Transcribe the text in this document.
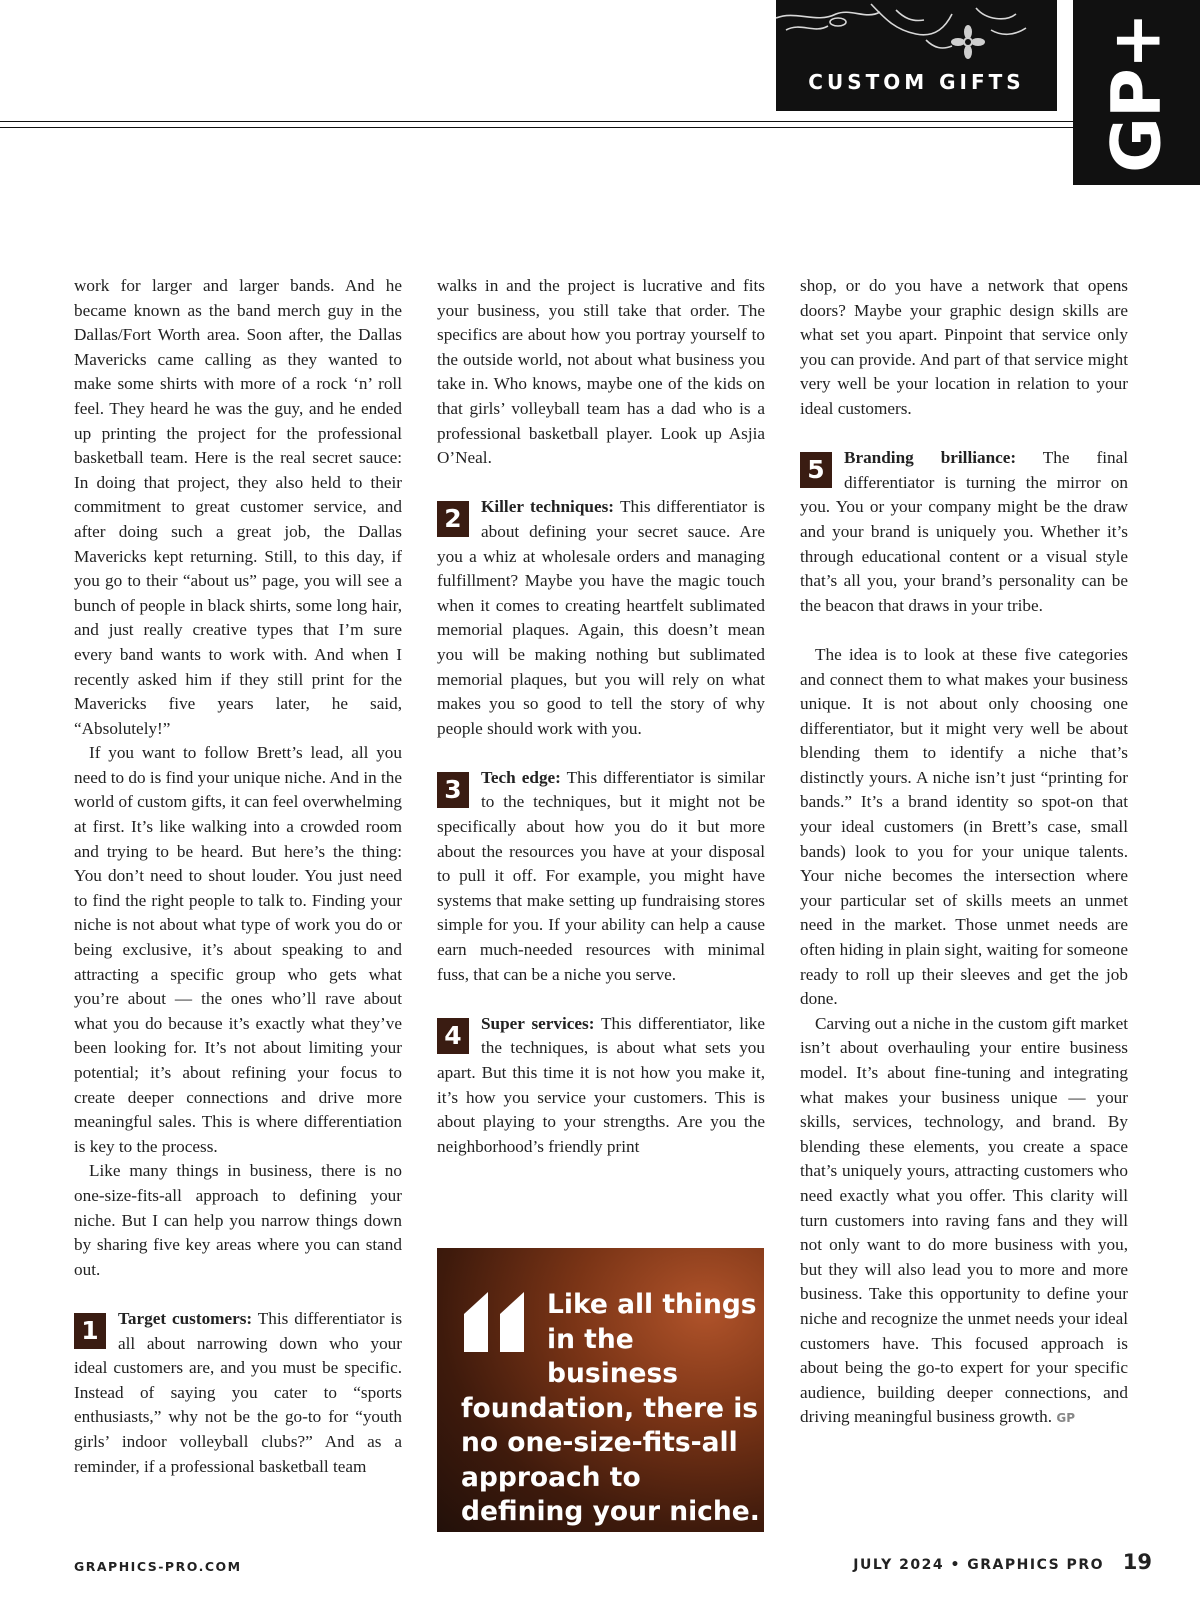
CUSTOM GIFTS	GP+

work for larger and larger bands. And he became known as the band merch guy in the Dallas/Fort Worth area. Soon after, the Dallas Mavericks came calling as they wanted to make some shirts with more of a rock ‘n’ roll feel. They heard he was the guy, and he ended up printing the project for the professional basketball team. Here is the real secret sauce: In doing that project, they also held to their commitment to great customer service, and after doing such a great job, the Dallas Mavericks kept returning. Still, to this day, if you go to their “about us” page, you will see a bunch of people in black shirts, some long hair, and just really creative types that I’m sure every band wants to work with. And when I recently asked him if they still print for the Mavericks five years later, he said, “Absolutely!”

If you want to follow Brett’s lead, all you need to do is find your unique niche. And in the world of custom gifts, it can feel overwhelming at first. It’s like walking into a crowded room and trying to be heard. But here’s the thing: You don’t need to shout louder. You just need to find the right people to talk to. Finding your niche is not about what type of work you do or being exclusive, it’s about speaking to and attracting a specific group who gets what you’re about — the ones who’ll rave about what you do because it’s exactly what they’ve been looking for. It’s not about limiting your potential; it’s about refining your focus to create deeper connections and drive more meaningful sales. This is where differentiation is key to the process.

Like many things in business, there is no one-size-fits-all approach to defining your niche. But I can help you narrow things down by sharing five key areas where you can stand out.

1	Target customers: This differentiator is all about narrowing down who your ideal customers are, and you must be specific. Instead of saying you cater to “sports enthusiasts,” why not be the go-to for “youth girls’ indoor volleyball clubs?” And as a reminder, if a professional basketball team

walks in and the project is lucrative and fits your business, you still take that order. The specifics are about how you portray yourself to the outside world, not about what business you take in. Who knows, maybe one of the kids on that girls’ volleyball team has a dad who is a professional basketball player. Look up Asjia O’Neal.

2	Killer techniques: This differentiator is about defining your secret sauce. Are you a whiz at wholesale orders and managing fulfillment? Maybe you have the magic touch when it comes to creating heartfelt sublimated memorial plaques. Again, this doesn’t mean you will be making nothing but sublimated memorial plaques, but you will rely on what makes you so good to tell the story of why people should work with you.
3	Tech edge: This differentiator is similar to the techniques, but it might not be specifically about how you do it but more about the resources you have at your disposal to pull it off. For example, you might have systems that make setting up fundraising stores simple for you. If your ability can help a cause earn much-needed resources with minimal fuss, that can be a niche you serve.
4	Super services: This differentiator, like the techniques, is about what sets you apart. But this time it is not how you make it, it’s how you service your customers. This is about playing to your strengths. Are you the neighborhood’s friendly print
Like all things
in the business
foundation, there is no one-size-fits-all approach to defining your niche.

shop, or do you have a network that opens doors? Maybe your graphic design skills are what set you apart. Pinpoint that service only you can provide. And part of that service might very well be your location in relation to your ideal customers.

5	Branding brilliance: The final differentiator is turning the mirror on you. You or your company might be the draw and your brand is uniquely you. Whether it’s through educational content or a visual style that’s all you, your brand’s personality can be the beacon that draws in your tribe.

The idea is to look at these five categories and connect them to what makes your business unique. It is not about only choosing one differentiator, but it might very well be about blending them to identify a niche that’s distinctly yours. A niche isn’t just “printing for bands.” It’s a brand identity so spot-on that your ideal customers (in Brett’s case, small bands) look to you for your unique talents. Your niche becomes the intersection where your particular set of skills meets an unmet need in the market. Those unmet needs are often hiding in plain sight, waiting for someone ready to roll up their sleeves and get the job done.

Carving out a niche in the custom gift market isn’t about overhauling your entire business model. It’s about fine-tuning and integrating what makes your business unique — your skills, services, technology, and brand. By blending these elements, you create a space that’s uniquely yours, attracting customers who need exactly what you offer. This clarity will turn customers into raving fans and they will not only want to do more business with you, but they will also lead you to more and more business. Take this opportunity to define your niche and recognize the unmet needs your ideal customers have. This focused approach is about being the go-to expert for your specific audience, building deeper connections, and driving meaningful business growth. GP

GRAPHICS-PRO.COM	JULY 2024 • GRAPHICS PRO 19
